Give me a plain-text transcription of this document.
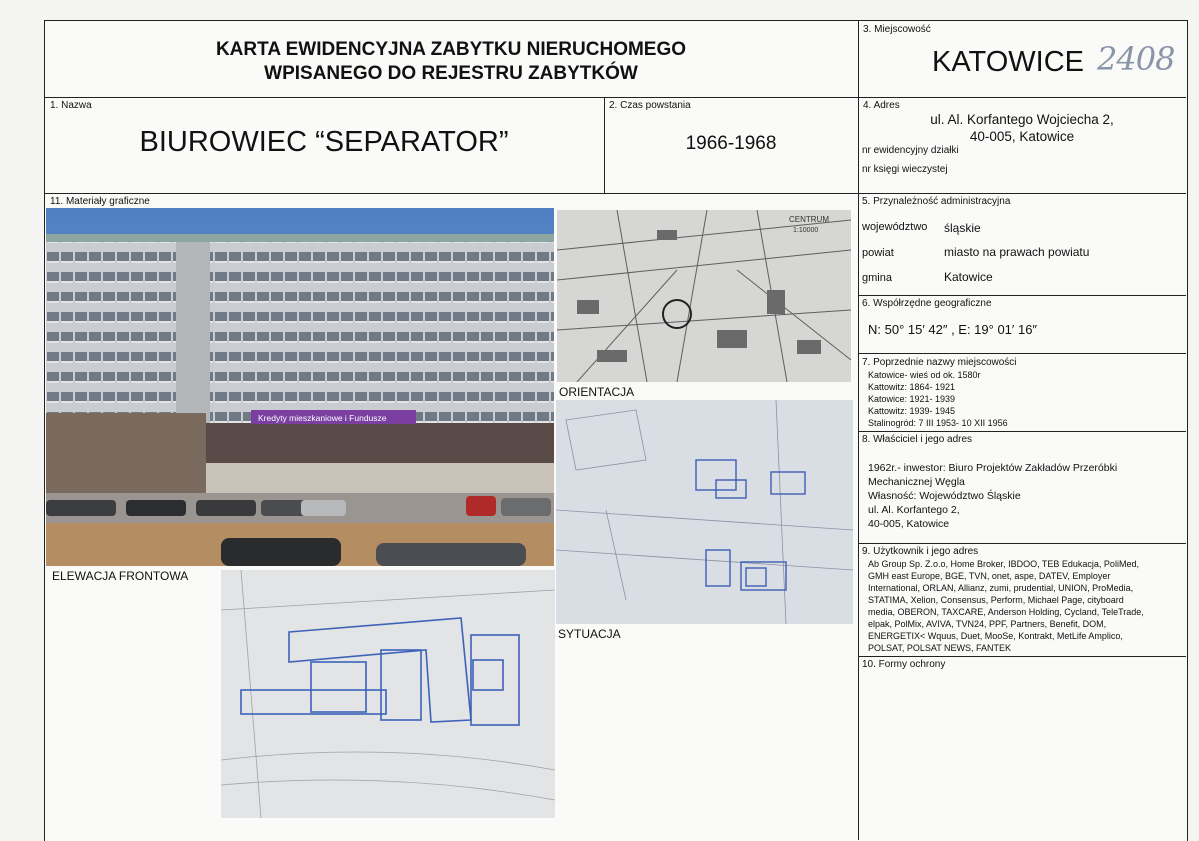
KARTA EWIDENCYJNA ZABYTKU NIERUCHOMEGO
WPISANEGO DO REJESTRU ZABYTKÓW
3. Miejscowość
KATOWICE 2408
1. Nazwa
BIUROWIEC “SEPARATOR”
2. Czas powstania
1966-1968
4. Adres
ul. Al. Korfantego Wojciecha 2,
40-005, Katowice
nr ewidencyjny działki
nr księgi wieczystej
11. Materiały graficzne
Kredyty mieszkaniowe i Fundusze
ELEWACJA FRONTOWA
CENTRUM
1:10000
ORIENTACJA
SYTUACJA
5. Przynależność administracyjna
województwo śląskie
powiat	miasto na prawach powiatu
gmina	Katowice
6. Współrzędne geograficzne
N: 50° 15′ 42″ , E: 19° 01′ 16″
7. Poprzednie nazwy miejscowości
Katowice- wieś od ok. 1580r
Kattowitz: 1864- 1921
Katowice: 1921- 1939
Kattowitz: 1939- 1945
Stalinogród: 7 III 1953- 10 XII 1956
8. Właściciel i jego adres
1962r.- inwestor: Biuro Projektów Zakładów Przeróbki
Mechanicznej Węgla
Własność: Województwo Śląskie
ul. Al. Korfantego 2,
40-005, Katowice
9. Użytkownik i jego adres
Ab Group Sp. Z.o.o, Home Broker, IBDOO, TEB Edukacja, PoliMed,
GMH east Europe, BGE, TVN, onet, aspe, DATEV, Employer
International, ORLAN, Allianz, zumi, prudential, UNION, ProMedia,
STATIMA, Xelion, Consensus, Perform, Michael Page, cityboard
media, OBERON, TAXCARE, Anderson Holding, Cycland, TeleTrade,
elpak, PolMix, AVIVA, TVN24, PPF, Partners, Benefit, DOM,
ENERGETIX< Wquus, Duet, MooSe, Kontrakt, MetLife Amplico,
POLSAT, POLSAT NEWS, FANTEK
10. Formy ochrony
